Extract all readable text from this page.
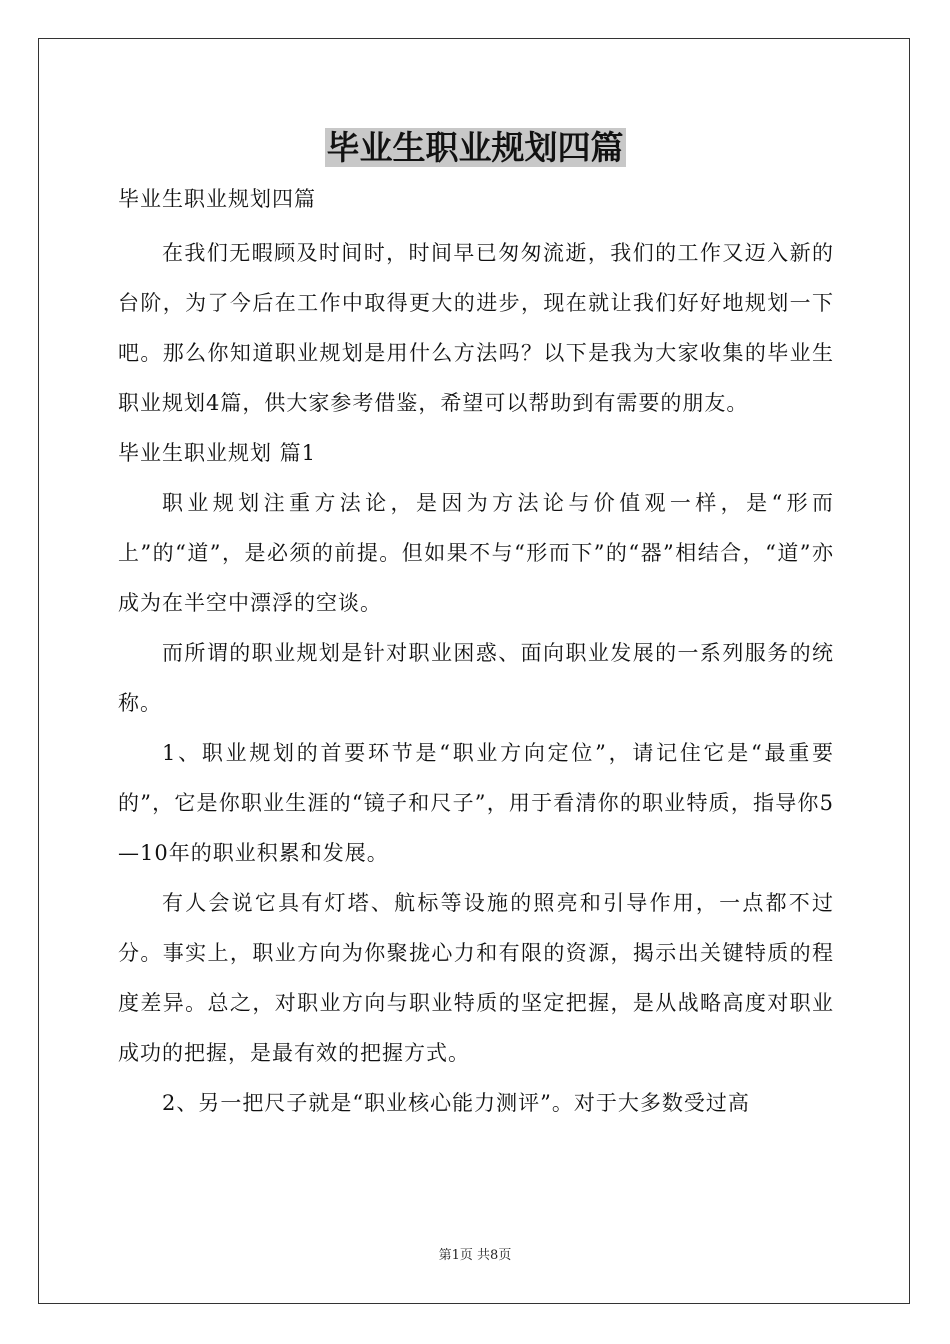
毕业生职业规划四篇

毕业生职业规划四篇

在我们无暇顾及时间时，时间早已匆匆流逝，我们的工作又迈入新的台阶，为了今后在工作中取得更大的进步，现在就让我们好好地规划一下吧。那么你知道职业规划是用什么方法吗？以下是我为大家收集的毕业生职业规划4篇，供大家参考借鉴，希望可以帮助到有需要的朋友。

毕业生职业规划 篇1

职业规划注重方法论，是因为方法论与价值观一样，是“形而上”的“道”，是必须的前提。但如果不与“形而下”的“器”相结合，“道”亦成为在半空中漂浮的空谈。

而所谓的职业规划是针对职业困惑、面向职业发展的一系列服务的统称。

1、职业规划的首要环节是“职业方向定位”，请记住它是“最重要的”，它是你职业生涯的“镜子和尺子”，用于看清你的职业特质，指导你5—10年的职业积累和发展。

有人会说它具有灯塔、航标等设施的照亮和引导作用，一点都不过分。事实上，职业方向为你聚拢心力和有限的资源，揭示出关键特质的程度差异。总之，对职业方向与职业特质的坚定把握，是从战略高度对职业成功的把握，是最有效的把握方式。

2、另一把尺子就是“职业核心能力测评”。对于大多数受过高

第1页 共8页
